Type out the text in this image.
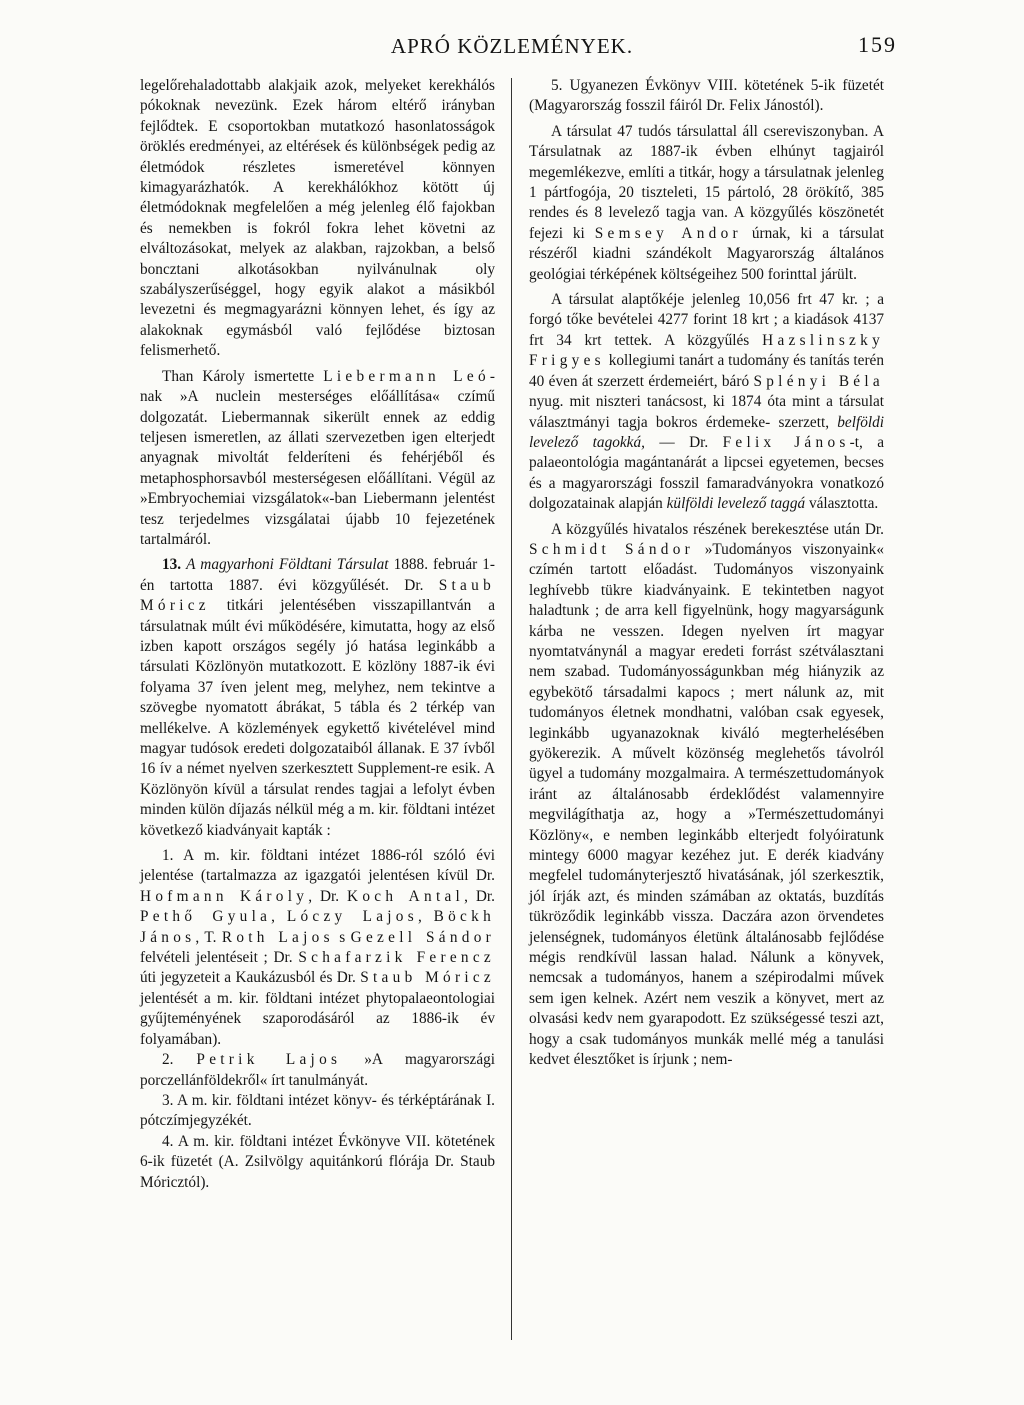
APRÓ KÖZLEMÉNYEK.	159

legelőrehaladottabb alakjaik azok, melyeket kerekhálós pókoknak nevezünk. Ezek három eltérő irányban fejlődtek. E csoportokban mutatkozó hasonlatosságok öröklés eredményei, az eltérések és különbségek pedig az életmódok részletes ismeretével könnyen kimagyarázhatók. A kerekhálókhoz kötött új életmódoknak megfelelően a még jelenleg élő fajokban és nemekben is fokról fokra lehet követni az elváltozásokat, melyek az alakban, rajzokban, a belső boncztani alkotásokban nyilvánulnak oly szabályszerűséggel, hogy egyik alakot a másikból levezetni és megmagyarázni könnyen lehet, és így az alakoknak egymásból való fejlődése biztosan felismerhető.

Than Károly ismertette Liebermann Leó-nak »A nuclein mesterséges előállítása« czímű dolgozatát. Liebermannak sikerült ennek az eddig teljesen ismeretlen, az állati szervezetben igen elterjedt anyagnak mivoltát felderíteni és fehérjéből és metaphosphorsavból mesterségesen előállítani. Végül az »Embryochemiai vizsgálatok«-ban Liebermann jelentést tesz terjedelmes vizsgálatai újabb 10 fejezetének tartalmáról.

13. A magyarhoni Földtani Társulat 1888. február 1-én tartotta 1887. évi közgyűlését. Dr. Staub Móricz titkári jelentésében visszapillantván a társulatnak múlt évi működésére, kimutatta, hogy az első izben kapott országos segély jó hatása leginkább a társulati Közlönyön mutatkozott. E közlöny 1887-ik évi folyama 37 íven jelent meg, melyhez, nem tekintve a szövegbe nyomatott ábrákat, 5 tábla és 2 térkép van mellékelve. A közlemények egykettő kivételével mind magyar tudósok eredeti dolgozataiból állanak. E 37 ívből 16 ív a német nyelven szerkesztett Supplement-re esik. A Közlönyön kívül a társulat rendes tagjai a lefolyt évben minden külön díjazás nélkül még a m. kir. földtani intézet következő kiadványait kapták :

1. A m. kir. földtani intézet 1886-ról szóló évi jelentése (tartalmazza az igazgatói jelentésen kívül Dr. Hofmann Károly, Dr. Koch Antal, Dr. Pethő Gyula, Lóczy Lajos, Böckh János, T. Roth Lajos s Gezell Sándor felvételi jelentéseit ; Dr. Schafarzik Ferencz úti jegyzeteit a Kaukázusból és Dr. Staub Móricz jelentését a m. kir. földtani intézet phytopalaeontologiai gyűjteményének szaporodásáról az 1886-ik év folyamában).

2. Petrik Lajos »A magyarországi porczellánföldekről« írt tanulmányát.

3. A m. kir. földtani intézet könyv- és térképtárának I. pótczímjegyzékét.

4. A m. kir. földtani intézet Évkönyve VII. kötetének 6-ik füzetét (A. Zsilvölgy aquitánkorú flórája Dr. Staub Móricztól).

5. Ugyanezen Évkönyv VIII. kötetének 5-ik füzetét (Magyarország fosszil fáiról Dr. Felix Jánostól).

A társulat 47 tudós társulattal áll csereviszonyban. A Társulatnak az 1887-ik évben elhúnyt tagjairól megemlékezve, említi a titkár, hogy a társulatnak jelenleg 1 pártfogója, 20 tiszteleti, 15 pártoló, 28 örökítő, 385 rendes és 8 levelező tagja van. A közgyűlés köszönetét fejezi ki Semsey Andor úrnak, ki a társulat részéről kiadni szándékolt Magyarország általános geológiai térképének költségeihez 500 forinttal járült.

A társulat alaptőkéje jelenleg 10,056 frt 47 kr. ; a forgó tőke bevételei 4277 forint 18 krt ; a kiadások 4137 frt 34 krt tettek. A közgyűlés Hazslinszky Frigyes kollegiumi tanárt a tudomány és tanítás terén 40 éven át szerzett érdemeiért, báró Splényi Béla nyug. mit niszteri tanácsost, ki 1874 óta mint a társulat választmányi tagja bokros érdemeke- szerzett, belföldi levelező tagokká, — Dr. Felix János-t, a palaeontológia magántanárát a lipcsei egyetemen, becses és a magyarországi fosszil famaradványokra vonatkozó dolgozatainak alapján külföldi levelező taggá választotta.

A közgyűlés hivatalos részének berekesztése után Dr. Schmidt Sándor »Tudományos viszonyaink« czímén tartott előadást. Tudományos viszonyaink leghívebb tükre kiadványaink. E tekintetben nagyot haladtunk ; de arra kell figyelnünk, hogy magyarságunk kárba ne vesszen. Idegen nyelven írt magyar nyomtatványnál a magyar eredeti forrást szétválasztani nem szabad. Tudományosságunkban még hiányzik az egybekötő társadalmi kapocs ; mert nálunk az, mit tudományos életnek mondhatni, valóban csak egyesek, leginkább ugyanazoknak kiváló megterhelésében gyökerezik. A művelt közönség meglehetős távolról ügyel a tudomány mozgalmaira. A természettudományok iránt az általánosabb érdeklődést valamennyire megvilágíthatja az, hogy a »Természettudományi Közlöny«, e nemben leginkább elterjedt folyóiratunk mintegy 6000 magyar kezéhez jut. E derék kiadvány megfelel tudományterjesztő hivatásának, jól szerkesztik, jól írják azt, és minden számában az oktatás, buzdítás tükröződik leginkább vissza. Daczára azon örvendetes jelenségnek, tudományos életünk általánosabb fejlődése mégis rendkívül lassan halad. Nálunk a könyvek, nemcsak a tudományos, hanem a szépirodalmi művek sem igen kelnek. Azért nem veszik a könyvet, mert az olvasási kedv nem gyarapodott. Ez szükségessé teszi azt, hogy a csak tudományos munkák mellé még a tanulási kedvet élesztőket is írjunk ; nem-
